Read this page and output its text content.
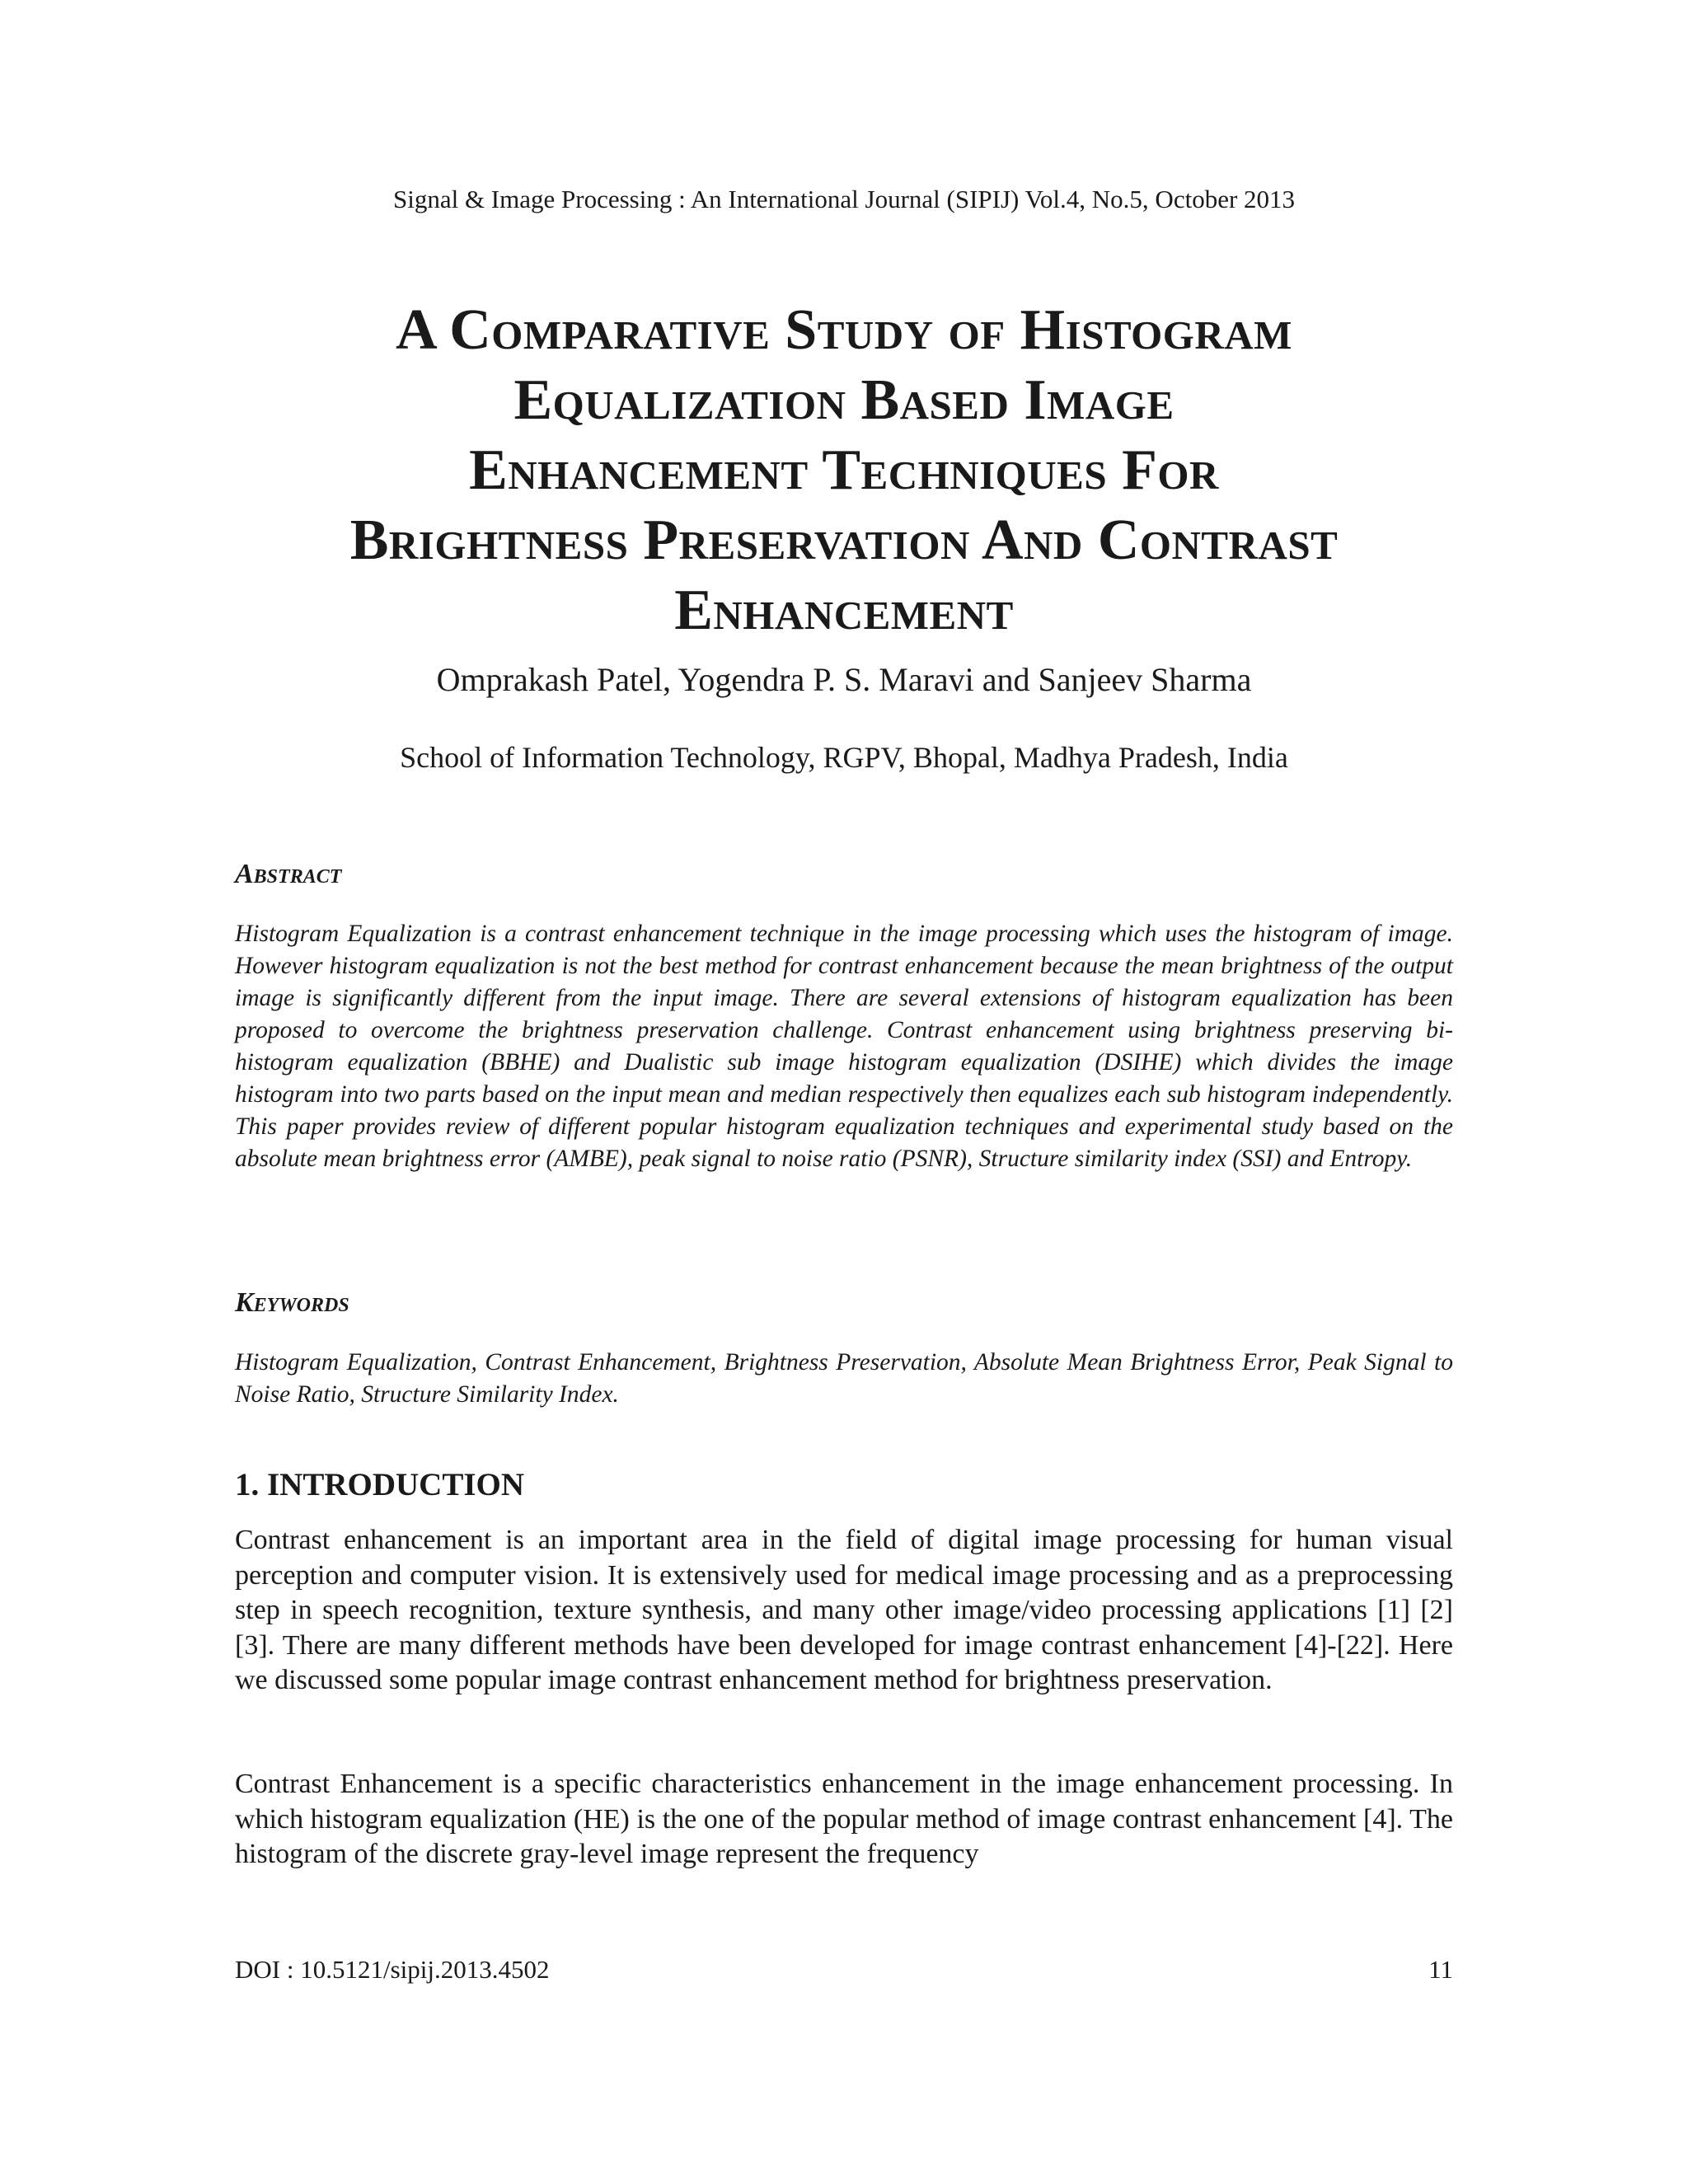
Signal & Image Processing : An International Journal (SIPIJ) Vol.4, No.5, October 2013
A Comparative Study of Histogram
Equalization Based Image
Enhancement Techniques For
Brightness Preservation And Contrast
Enhancement
Omprakash Patel, Yogendra P. S. Maravi and Sanjeev Sharma
School of Information Technology, RGPV, Bhopal, Madhya Pradesh, India
Abstract

Histogram Equalization is a contrast enhancement technique in the image processing which uses the histogram of image. However histogram equalization is not the best method for contrast enhancement because the mean brightness of the output image is significantly different from the input image. There are several extensions of histogram equalization has been proposed to overcome the brightness preservation challenge. Contrast enhancement using brightness preserving bi-histogram equalization (BBHE) and Dualistic sub image histogram equalization (DSIHE) which divides the image histogram into two parts based on the input mean and median respectively then equalizes each sub histogram independently. This paper provides review of different popular histogram equalization techniques and experimental study based on the absolute mean brightness error (AMBE), peak signal to noise ratio (PSNR), Structure similarity index (SSI) and Entropy.

Keywords

Histogram Equalization, Contrast Enhancement, Brightness Preservation, Absolute Mean Brightness Error, Peak Signal to Noise Ratio, Structure Similarity Index.

1. INTRODUCTION

Contrast enhancement is an important area in the field of digital image processing for human visual perception and computer vision. It is extensively used for medical image processing and as a preprocessing step in speech recognition, texture synthesis, and many other image/video processing applications [1] [2] [3]. There are many different methods have been developed for image contrast enhancement [4]-[22]. Here we discussed some popular image contrast enhancement method for brightness preservation.

Contrast Enhancement is a specific characteristics enhancement in the image enhancement processing. In which histogram equalization (HE) is the one of the popular method of image contrast enhancement [4]. The histogram of the discrete gray-level image represent the frequency

DOI : 10.5121/sipij.2013.4502	11
